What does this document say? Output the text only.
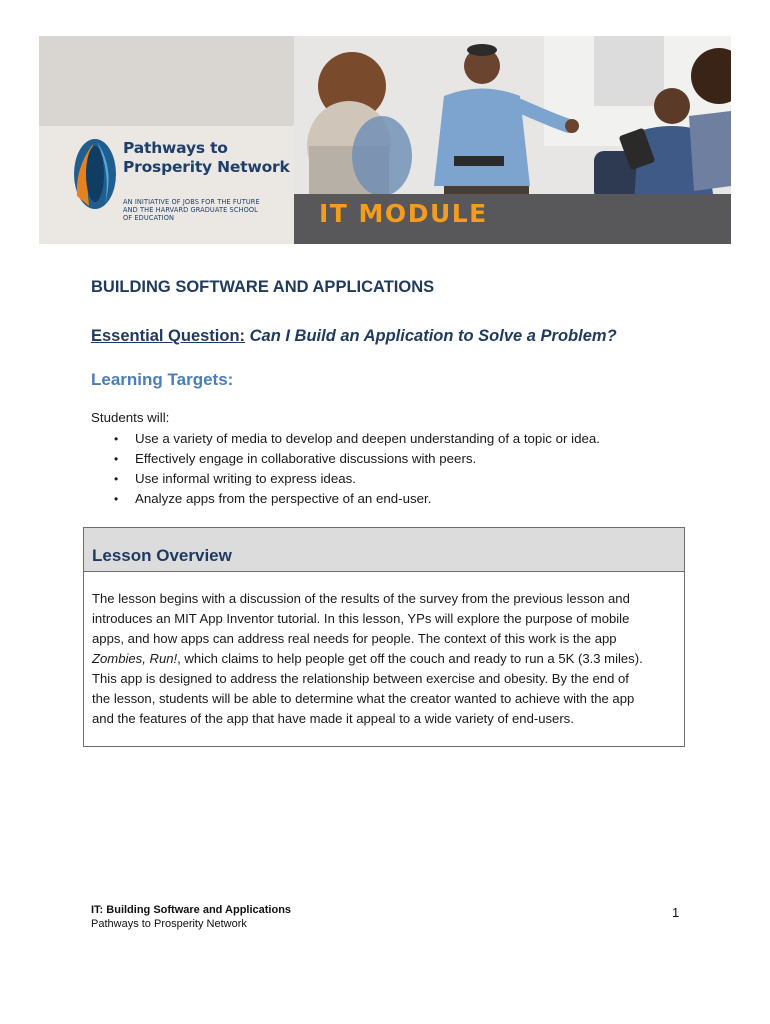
Pathways to
Prosperity Network
AN INITIATIVE OF JOBS FOR THE FUTURE
AND THE HARVARD GRADUATE SCHOOL
OF EDUCATION	IT MODULE
BUILDING SOFTWARE AND APPLICATIONS
Essential Question: Can I Build an Application to Solve a Problem?
Learning Targets:
Students will:
• Use a variety of media to develop and deepen understanding of a topic or idea.
• Effectively engage in collaborative discussions with peers.
• Use informal writing to express ideas.
• Analyze apps from the perspective of an end-user.
Lesson Overview

The lesson begins with a discussion of the results of the survey from the previous lesson and

introduces an MIT App Inventor tutorial. In this lesson, YPs will explore the purpose of mobile

apps, and how apps can address real needs for people. The context of this work is the app

Zombies, Run!, which claims to help people get off the couch and ready to run a 5K (3.3 miles).

This app is designed to address the relationship between exercise and obesity. By the end of

the lesson, students will be able to determine what the creator wanted to achieve with the app

and the features of the app that have made it appeal to a wide variety of end-users.

IT: Building Software and Applications
Pathways to Prosperity Network
1
